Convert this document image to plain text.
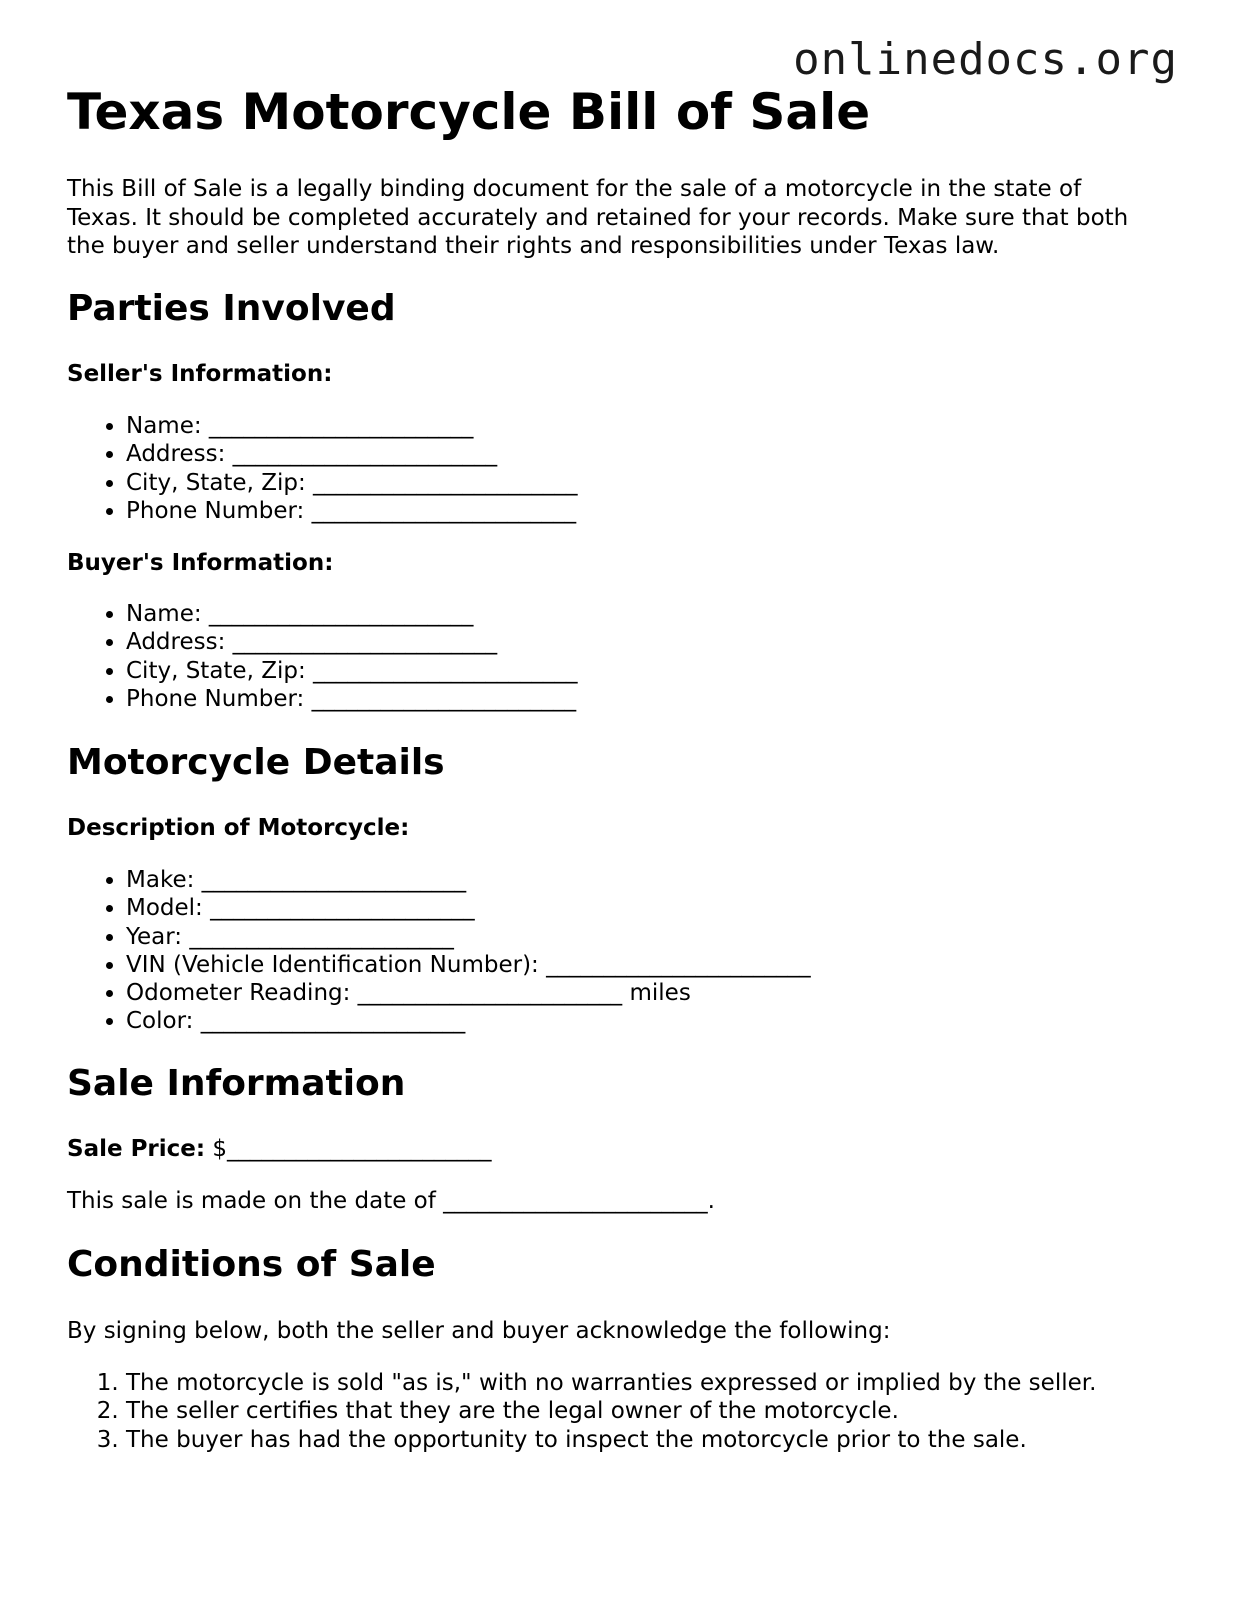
onlinedocs.org
Texas Motorcycle Bill of Sale

This Bill of Sale is a legally binding document for the sale of a motorcycle in the state of Texas. It should be completed accurately and retained for your records. Make sure that both the buyer and seller understand their rights and responsibilities under Texas law.

Parties Involved
Seller's Information:
• Name: _______________________
• Address: _______________________
• City, State, Zip: _______________________
• Phone Number: _______________________
Buyer's Information:
• Name: _______________________
• Address: _______________________
• City, State, Zip: _______________________
• Phone Number: _______________________
Motorcycle Details
Description of Motorcycle:
• Make: _______________________
• Model: _______________________
• Year: _______________________
• VIN (Vehicle Identification Number): _______________________
• Odometer Reading: _______________________ miles
• Color: _______________________
Sale Information

Sale Price: $_______________________

This sale is made on the date of _______________________.

Conditions of Sale

By signing below, both the seller and buyer acknowledge the following:

1. The motorcycle is sold "as is," with no warranties expressed or implied by the seller.
2. The seller certifies that they are the legal owner of the motorcycle.
3. The buyer has had the opportunity to inspect the motorcycle prior to the sale.
